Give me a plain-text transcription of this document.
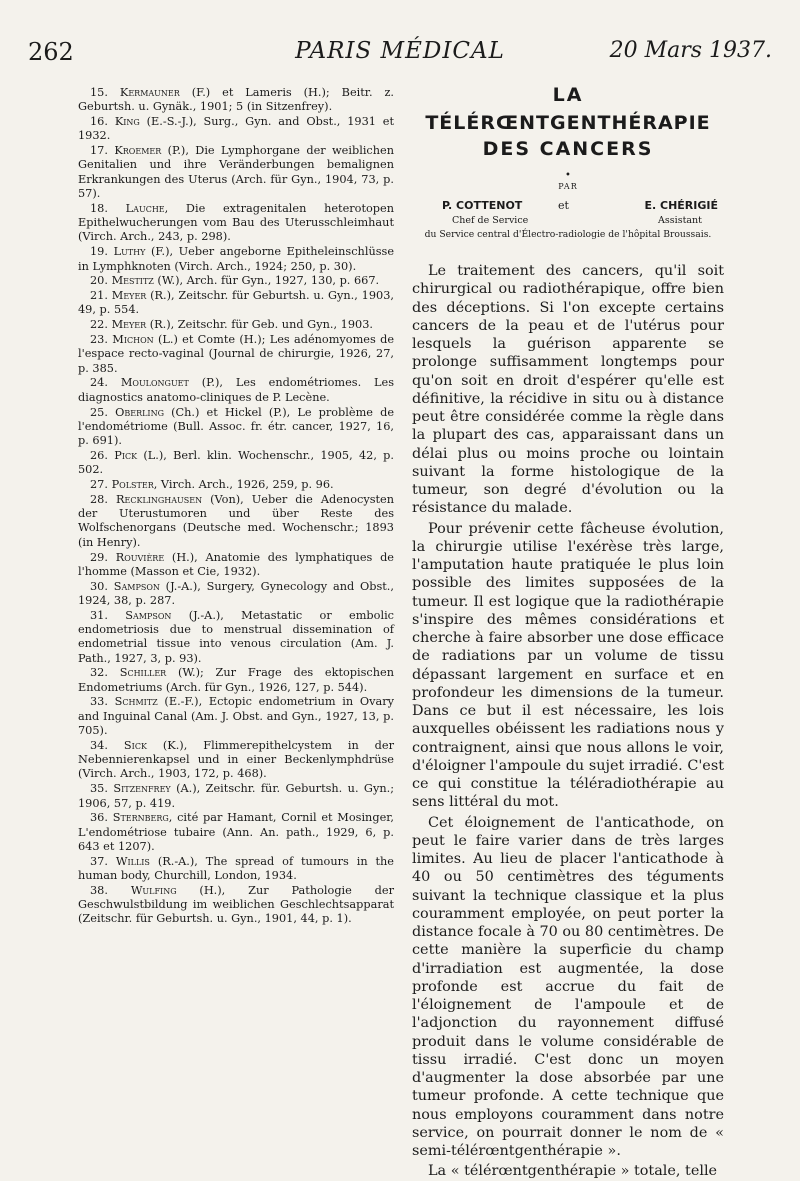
262	PARIS MÉDICAL	20 Mars 1937.

15. Kermauner (F.) et Lameris (H.); Beitr. z. Geburtsh. u. Gynäk., 1901; 5 (in Sitzenfrey).

16. King (E.-S.-J.), Surg., Gyn. and Obst., 1931 et 1932.

17. Kroemer (P.), Die Lymphorgane der weiblichen Genitalien und ihre Veränderbungen bemalignen Erkrankungen des Uterus (Arch. für Gyn., 1904, 73, p. 57).

18. Lauche, Die extragenitalen heterotopen Epithelwucherungen vom Bau des Uterusschleimhaut (Virch. Arch., 243, p. 298).

19. Luthy (F.), Ueber angeborne Epitheleinschlüsse in Lymphknoten (Virch. Arch., 1924; 250, p. 30).

20. Mestitz (W.), Arch. für Gyn., 1927, 130, p. 667.

21. Meyer (R.), Zeitschr. für Geburtsh. u. Gyn., 1903, 49, p. 554.

22. Meyer (R.), Zeitschr. für Geb. und Gyn., 1903.

23. Michon (L.) et Comte (H.); Les adénomyomes de l'espace recto-vaginal (Journal de chirurgie, 1926, 27, p. 385.

24. Moulonguet (P.), Les endométriomes. Les diagnostics anatomo-cliniques de P. Lecène.

25. Oberling (Ch.) et Hickel (P.), Le problème de l'endométriome (Bull. Assoc. fr. étr. cancer, 1927, 16, p. 691).

26. Pick (L.), Berl. klin. Wochenschr., 1905, 42, p. 502.

27. Polster, Virch. Arch., 1926, 259, p. 96.

28. Recklinghausen (Von), Ueber die Adenocysten der Uterustumoren und über Reste des Wolfschenorgans (Deutsche med. Wochenschr.; 1893 (in Henry).

29. Rouvière (H.), Anatomie des lymphatiques de l'homme (Masson et Cie, 1932).

30. Sampson (J.-A.), Surgery, Gynecology and Obst., 1924, 38, p. 287.

31. Sampson (J.-A.), Metastatic or embolic endometriosis due to menstrual dissemination of endometrial tissue into venous circulation (Am. J. Path., 1927, 3, p. 93).

32. Schiller (W.); Zur Frage des ektopischen Endometriums (Arch. für Gyn., 1926, 127, p. 544).

33. Schmitz (E.-F.), Ectopic endometrium in Ovary and Inguinal Canal (Am. J. Obst. and Gyn., 1927, 13, p. 705).

34. Sick (K.), Flimmerepithelcystem in der Nebennierenkapsel und in einer Beckenlymphdrüse (Virch. Arch., 1903, 172, p. 468).

35. Sitzenfrey (A.), Zeitschr. für. Geburtsh. u. Gyn.; 1906, 57, p. 419.

36. Sternberg, cité par Hamant, Cornil et Mosinger, L'endométriose tubaire (Ann. An. path., 1929, 6, p. 643 et 1207).

37. Willis (R.-A.), The spread of tumours in the human body, Churchill, London, 1934.

38. Wulfing (H.), Zur Pathologie der Geschwulstbildung im weiblichen Geschlechtsapparat (Zeitschr. für Geburtsh. u. Gyn., 1901, 44, p. 1).

LA
TÉLÉRŒNTGENTHÉRAPIE
DES CANCERS
•
PAR
P. COTTENOT	et	E. CHÉRIGIÉ
Chef de Service	Assistant
du Service central d'Électro-radiologie de l'hôpital Broussais.

Le traitement des cancers, qu'il soit chirurgical ou radiothérapique, offre bien des déceptions. Si l'on excepte certains cancers de la peau et de l'utérus pour lesquels la guérison apparente se prolonge suffisamment longtemps pour qu'on soit en droit d'espérer qu'elle est définitive, la récidive in situ ou à distance peut être considérée comme la règle dans la plupart des cas, apparaissant dans un délai plus ou moins proche ou lointain suivant la forme histologique de la tumeur, son degré d'évolution ou la résistance du malade.

Pour prévenir cette fâcheuse évolution, la chirurgie utilise l'exérèse très large, l'amputation haute pratiquée le plus loin possible des limites supposées de la tumeur. Il est logique que la radiothérapie s'inspire des mêmes considérations et cherche à faire absorber une dose efficace de radiations par un volume de tissu dépassant largement en surface et en profondeur les dimensions de la tumeur. Dans ce but il est nécessaire, les lois auxquelles obéissent les radiations nous y contraignent, ainsi que nous allons le voir, d'éloigner l'ampoule du sujet irradié. C'est ce qui constitue la téléradiothérapie au sens littéral du mot.

Cet éloignement de l'anticathode, on peut le faire varier dans de très larges limites. Au lieu de placer l'anticathode à 40 ou 50 centimètres des téguments suivant la technique classique et la plus couramment employée, on peut porter la distance focale à 70 ou 80 centimètres. De cette manière la superficie du champ d'irradiation est augmentée, la dose profonde est accrue du fait de l'éloignement de l'ampoule et de l'adjonction du rayonnement diffusé produit dans le volume considérable de tissu irradié. C'est donc un moyen d'augmenter la dose absorbée par une tumeur profonde. A cette technique que nous employons couramment dans notre service, on pourrait donner le nom de « semi-télérœntgenthérapie ».

La « télérœntgenthérapie » totale, telle
